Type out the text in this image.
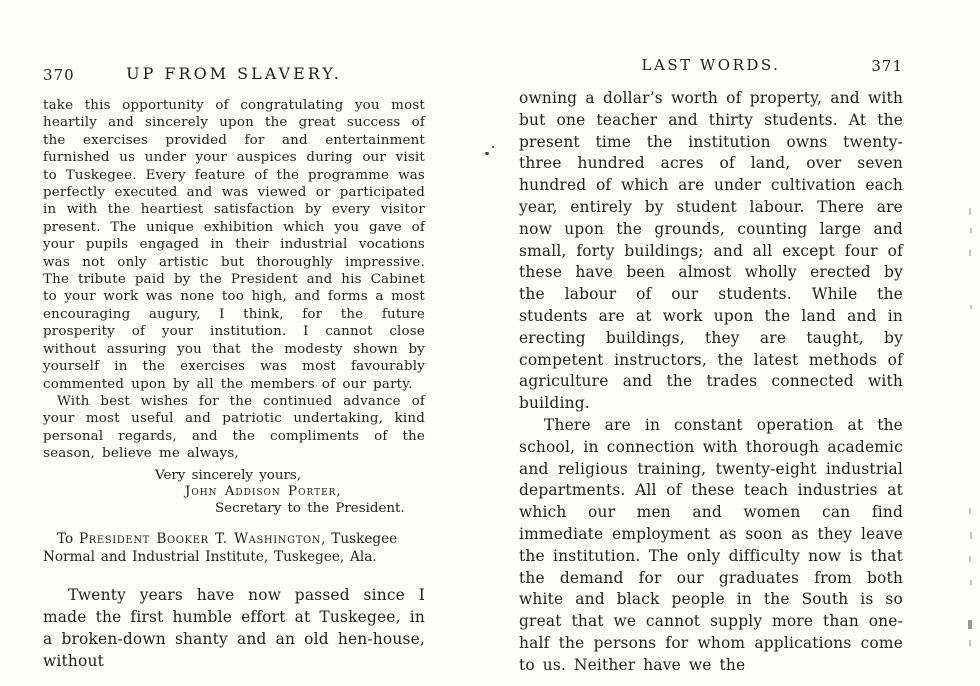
370	UP FROM SLAVERY.

take this opportunity of congratulating you most heartily and sincerely upon the great success of the exercises provided for and entertainment furnished us under your auspices during our visit to Tuskegee. Every feature of the programme was perfectly executed and was viewed or participated in with the heartiest satisfaction by every visitor present. The unique exhibition which you gave of your pupils engaged in their industrial vocations was not only artistic but thoroughly impressive. The tribute paid by the President and his Cabinet to your work was none too high, and forms a most encouraging augury, I think, for the future prosperity of your institution. I cannot close without assuring you that the modesty shown by yourself in the exercises was most favourably commented upon by all the members of our party.

With best wishes for the continued advance of your most useful and patriotic undertaking, kind personal regards, and the compliments of the season, believe me always,

Very sincerely yours,
John Addison Porter,
Secretary to the President.

To President Booker T. Washington, Tuskegee Normal and Industrial Institute, Tuskegee, Ala.

Twenty years have now passed since I made the first humble effort at Tuskegee, in a broken-down shanty and an old hen-house, without

LAST WORDS.	371

owning a dollar’s worth of property, and with but one teacher and thirty students. At the present time the institution owns twenty-three hundred acres of land, over seven hundred of which are under cultivation each year, entirely by student labour. There are now upon the grounds, counting large and small, forty buildings; and all except four of these have been almost wholly erected by the labour of our students. While the students are at work upon the land and in erecting buildings, they are taught, by competent instructors, the latest methods of agriculture and the trades connected with building.

There are in constant operation at the school, in connection with thorough academic and religious training, twenty-eight industrial departments. All of these teach industries at which our men and women can find immediate employment as soon as they leave the institution. The only difficulty now is that the demand for our graduates from both white and black people in the South is so great that we cannot supply more than one-half the persons for whom applications come to us. Neither have we the
